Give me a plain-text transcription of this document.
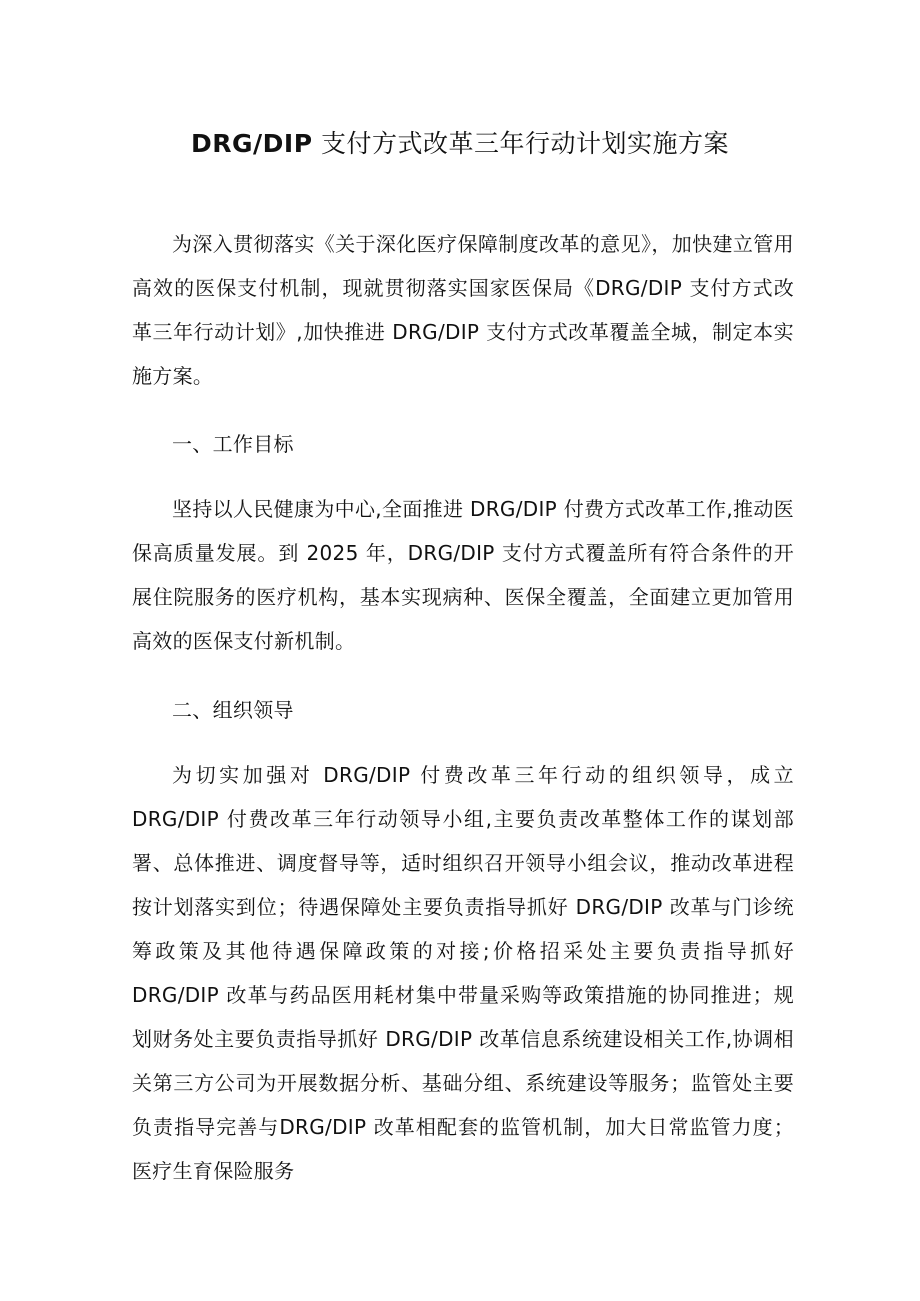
DRG/DIP 支付方式改革三年行动计划实施方案

为深入贯彻落实《关于深化医疗保障制度改革的意见》，加快建立管用高效的医保支付机制，现就贯彻落实国家医保局《DRG/DIP 支付方式改革三年行动计划》,加快推进 DRG/DIP 支付方式改革覆盖全城，制定本实施方案。

一、工作目标

坚持以人民健康为中心,全面推进 DRG/DIP 付费方式改革工作,推动医保高质量发展。到 2025 年，DRG/DIP 支付方式覆盖所有符合条件的开展住院服务的医疗机构，基本实现病种、医保全覆盖，全面建立更加管用高效的医保支付新机制。

二、组织领导

为切实加强对 DRG/DIP 付费改革三年行动的组织领导，成立DRG/DIP 付费改革三年行动领导小组,主要负责改革整体工作的谋划部署、总体推进、调度督导等，适时组织召开领导小组会议，推动改革进程按计划落实到位；待遇保障处主要负责指导抓好 DRG/DIP 改革与门诊统筹政策及其他待遇保障政策的对接;价格招采处主要负责指导抓好 DRG/DIP 改革与药品医用耗材集中带量采购等政策措施的协同推进；规划财务处主要负责指导抓好 DRG/DIP 改革信息系统建设相关工作,协调相关第三方公司为开展数据分析、基础分组、系统建设等服务；监管处主要负责指导完善与DRG/DIP 改革相配套的监管机制，加大日常监管力度；医疗生育保险服务
